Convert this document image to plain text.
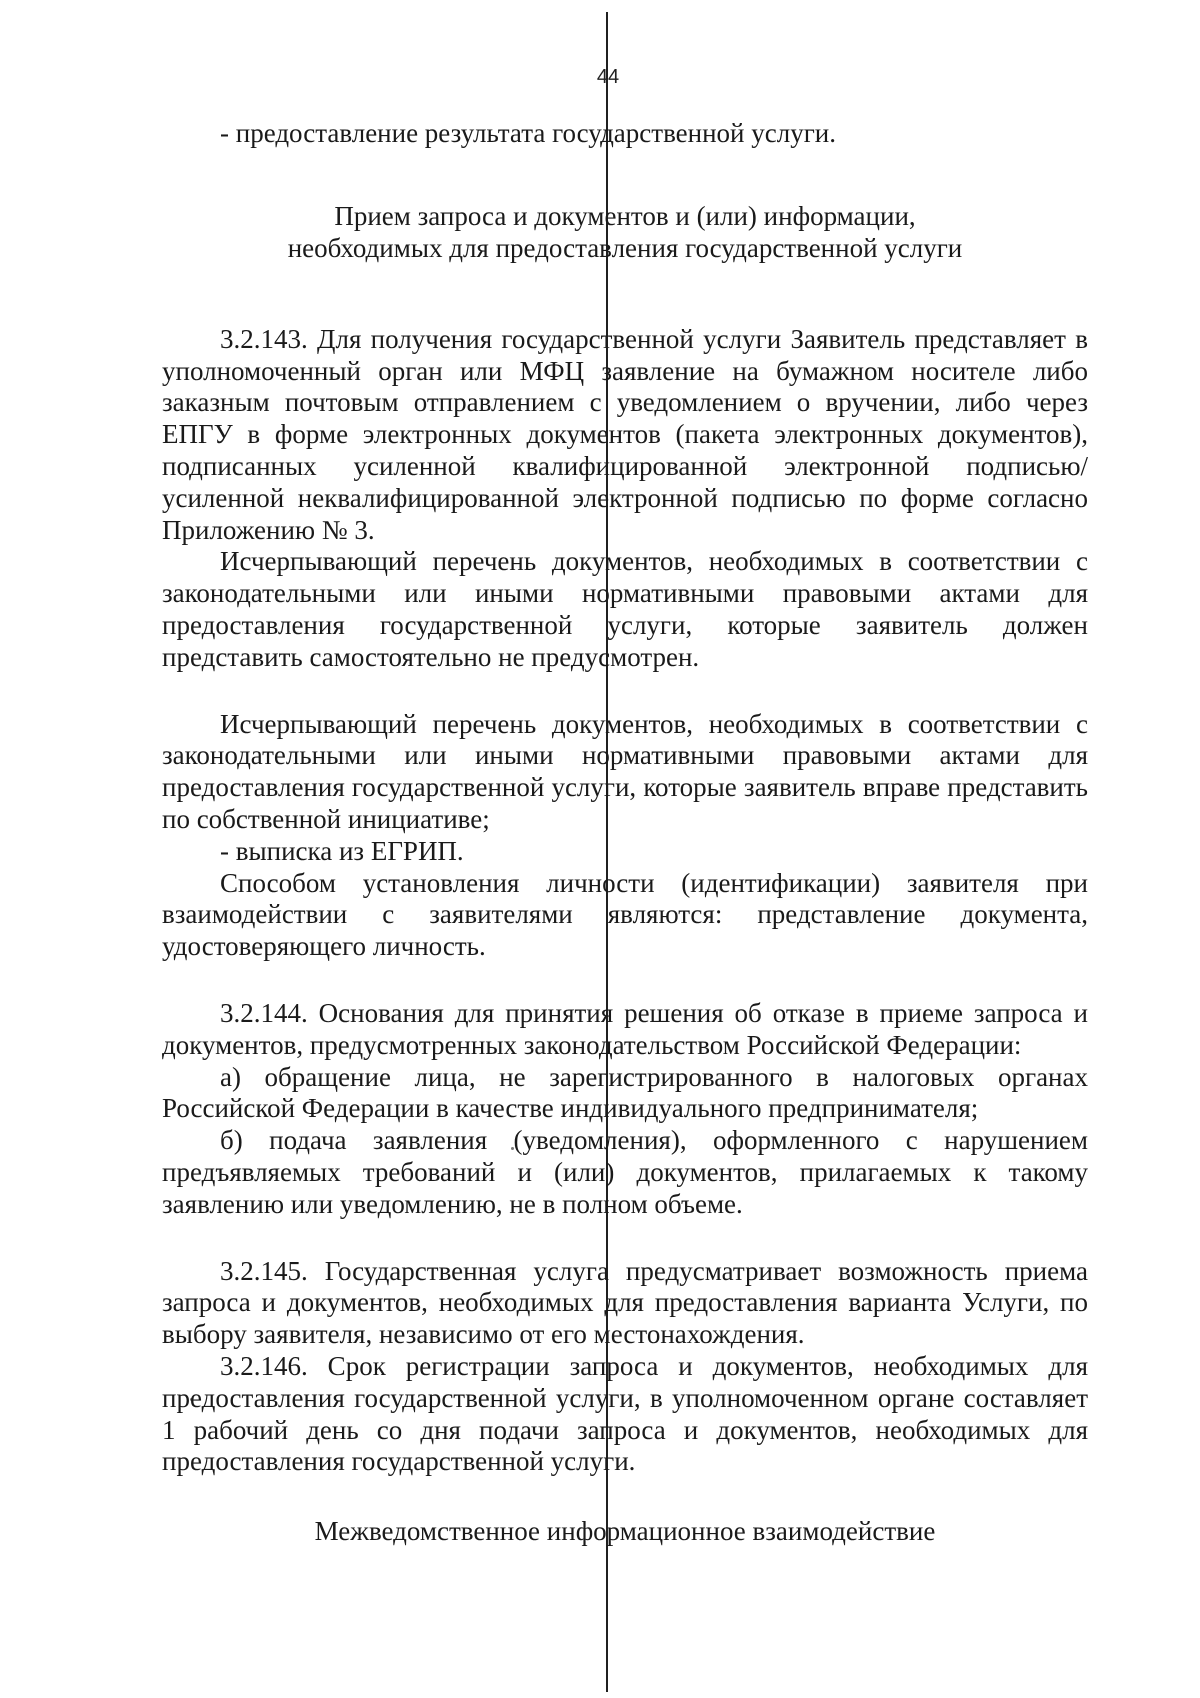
44

- предоставление результата государственной услуги.

Прием запроса и документов и (или) информации, необходимых для предоставления государственной услуги

3.2.143. Для получения государственной услуги Заявитель представляет в уполномоченный орган или МФЦ заявление на бумажном носителе либо заказным почтовым отправлением с уведомлением о вручении, либо через ЕПГУ в форме электронных документов (пакета электронных документов), подписанных усиленной квалифицированной электронной подписью/усиленной неквалифицированной электронной подписью по форме согласно Приложению № 3.

Исчерпывающий перечень документов, необходимых в соответствии с законодательными или иными нормативными правовыми актами для предоставления государственной услуги, которые заявитель должен представить самостоятельно не предусмотрен.

Исчерпывающий перечень документов, необходимых в соответствии с законодательными или иными нормативными правовыми актами для предоставления государственной услуги, которые заявитель вправе представить по собственной инициативе;

- выписка из ЕГРИП.

Способом установления личности (идентификации) заявителя при взаимодействии с заявителями являются: представление документа, удостоверяющего личность.

3.2.144. Основания для принятия решения об отказе в приеме запроса и документов, предусмотренных законодательством Российской Федерации:

а) обращение лица, не зарегистрированного в налоговых органах Российской Федерации в качестве индивидуального предпринимателя;

б) подача заявления (уведомления), оформленного с нарушением предъявляемых требований и (или) документов, прилагаемых к такому заявлению или уведомлению, не в полном объеме.

3.2.145. Государственная услуга предусматривает возможность приема запроса и документов, необходимых для предоставления варианта Услуги, по выбору заявителя, независимо от его местонахождения.

3.2.146. Срок регистрации запроса и документов, необходимых для предоставления государственной услуги, в уполномоченном органе составляет 1 рабочий день со дня подачи запроса и документов, необходимых для предоставления государственной услуги.

Межведомственное информационное взаимодействие
